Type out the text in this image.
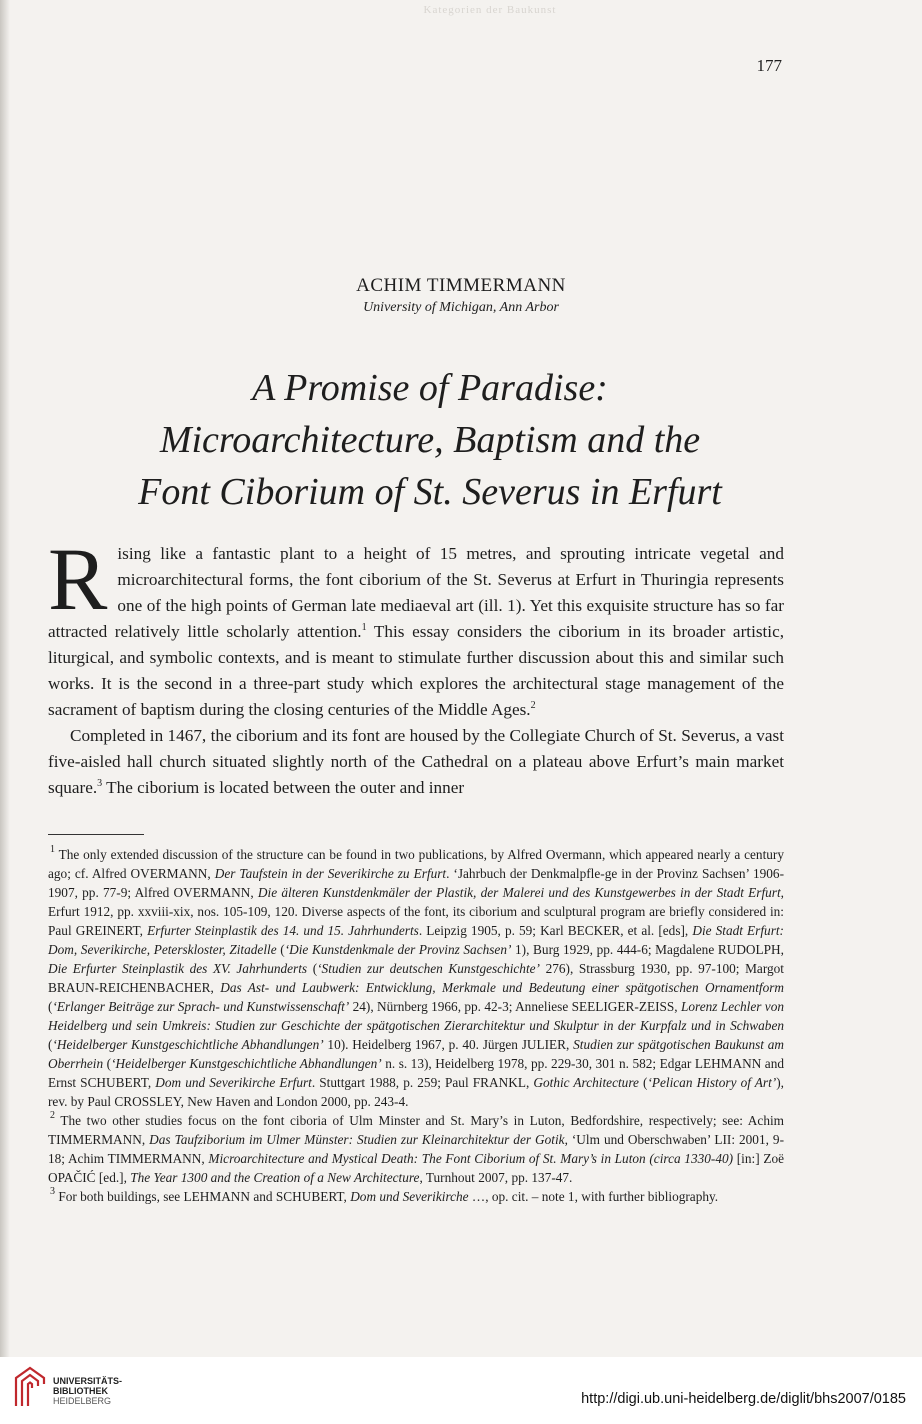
Kategorien der Baukunst
177
ACHIM TIMMERMANN
University of Michigan, Ann Arbor
A Promise of Paradise:
Microarchitecture, Baptism and the
Font Ciborium of St. Severus in Erfurt

Rising like a fantastic plant to a height of 15 metres, and sprouting intricate vegetal and microarchitectural forms, the font ciborium of the St. Severus at Erfurt in Thuringia represents one of the high points of German late mediaeval art (ill. 1). Yet this exquisite structure has so far attracted relatively little scholarly attention.$^1$ This essay considers the ciborium in its broader artistic, liturgical, and symbolic contexts, and is meant to stimulate further discussion about this and similar such works. It is the second in a three-part study which explores the architectural stage management of the sacrament of baptism during the closing centuries of the Middle Ages.$^2$

Completed in 1467, the ciborium and its font are housed by the Collegiate Church of St. Severus, a vast five-aisled hall church situated slightly north of the Cathedral on a plateau above Erfurt’s main market square.$^3$ The ciborium is located between the outer and inner

$^1$ The only extended discussion of the structure can be found in two publications, by Alfred Overmann, which appeared nearly a century ago; cf. Alfred OVERMANN, Der Taufstein in der Severikirche zu Erfurt. ‘Jahrbuch der Denkmalpfle-ge in der Provinz Sachsen’ 1906-1907, pp. 77-9; Alfred OVERMANN, Die älteren Kunstdenkmäler der Plastik, der Malerei und des Kunstgewerbes in der Stadt Erfurt, Erfurt 1912, pp. xxviii-xix, nos. 105-109, 120. Diverse aspects of the font, its ciborium and sculptural program are briefly considered in: Paul GREINERT, Erfurter Steinplastik des 14. und 15. Jahrhunderts. Leipzig 1905, p. 59; Karl BECKER, et al. [eds], Die Stadt Erfurt: Dom, Severikirche, Peterskloster, Zitadelle (‘Die Kunstdenkmale der Provinz Sachsen’ 1), Burg 1929, pp. 444-6; Magdalene RUDOLPH, Die Erfurter Steinplastik des XV. Jahrhunderts (‘Studien zur deutschen Kunstgeschichte’ 276), Strassburg 1930, pp. 97-100; Margot BRAUN-REICHENBACHER, Das Ast- und Laubwerk: Entwicklung, Merkmale und Bedeutung einer spätgotischen Ornamentform (‘Erlanger Beiträge zur Sprach- und Kunstwissenschaft’ 24), Nürnberg 1966, pp. 42-3; Anneliese SEELIGER-ZEISS, Lorenz Lechler von Heidelberg und sein Umkreis: Studien zur Geschichte der spätgotischen Zierarchitektur und Skulptur in der Kurpfalz und in Schwaben (‘Heidelberger Kunstgeschichtliche Abhandlungen’ 10). Heidelberg 1967, p. 40. Jürgen JULIER, Studien zur spätgotischen Baukunst am Oberrhein (‘Heidelberger Kunstgeschichtliche Abhandlungen’ n. s. 13), Heidelberg 1978, pp. 229-30, 301 n. 582; Edgar LEHMANN and Ernst SCHUBERT, Dom und Severikirche Erfurt. Stuttgart 1988, p. 259; Paul FRANKL, Gothic Architecture (‘Pelican History of Art’), rev. by Paul CROSSLEY, New Haven and London 2000, pp. 243-4.

$^2$ The two other studies focus on the font ciboria of Ulm Minster and St. Mary’s in Luton, Bedfordshire, respectively; see: Achim TIMMERMANN, Das Taufziborium im Ulmer Münster: Studien zur Kleinarchitektur der Gotik, ‘Ulm und Oberschwaben’ LII: 2001, 9-18; Achim TIMMERMANN, Microarchitecture and Mystical Death: The Font Ciborium of St. Mary’s in Luton (circa 1330-40) [in:] Zoë OPAČIĆ [ed.], The Year 1300 and the Creation of a New Architecture, Turnhout 2007, pp. 137-47.

$^3$ For both buildings, see LEHMANN and SCHUBERT, Dom und Severikirche …, op. cit. – note 1, with further bibliography.

UNIVERSITÄTS-
BIBLIOTHEK
HEIDELBERG	http://digi.ub.uni-heidelberg.de/diglit/bhs2007/0185
